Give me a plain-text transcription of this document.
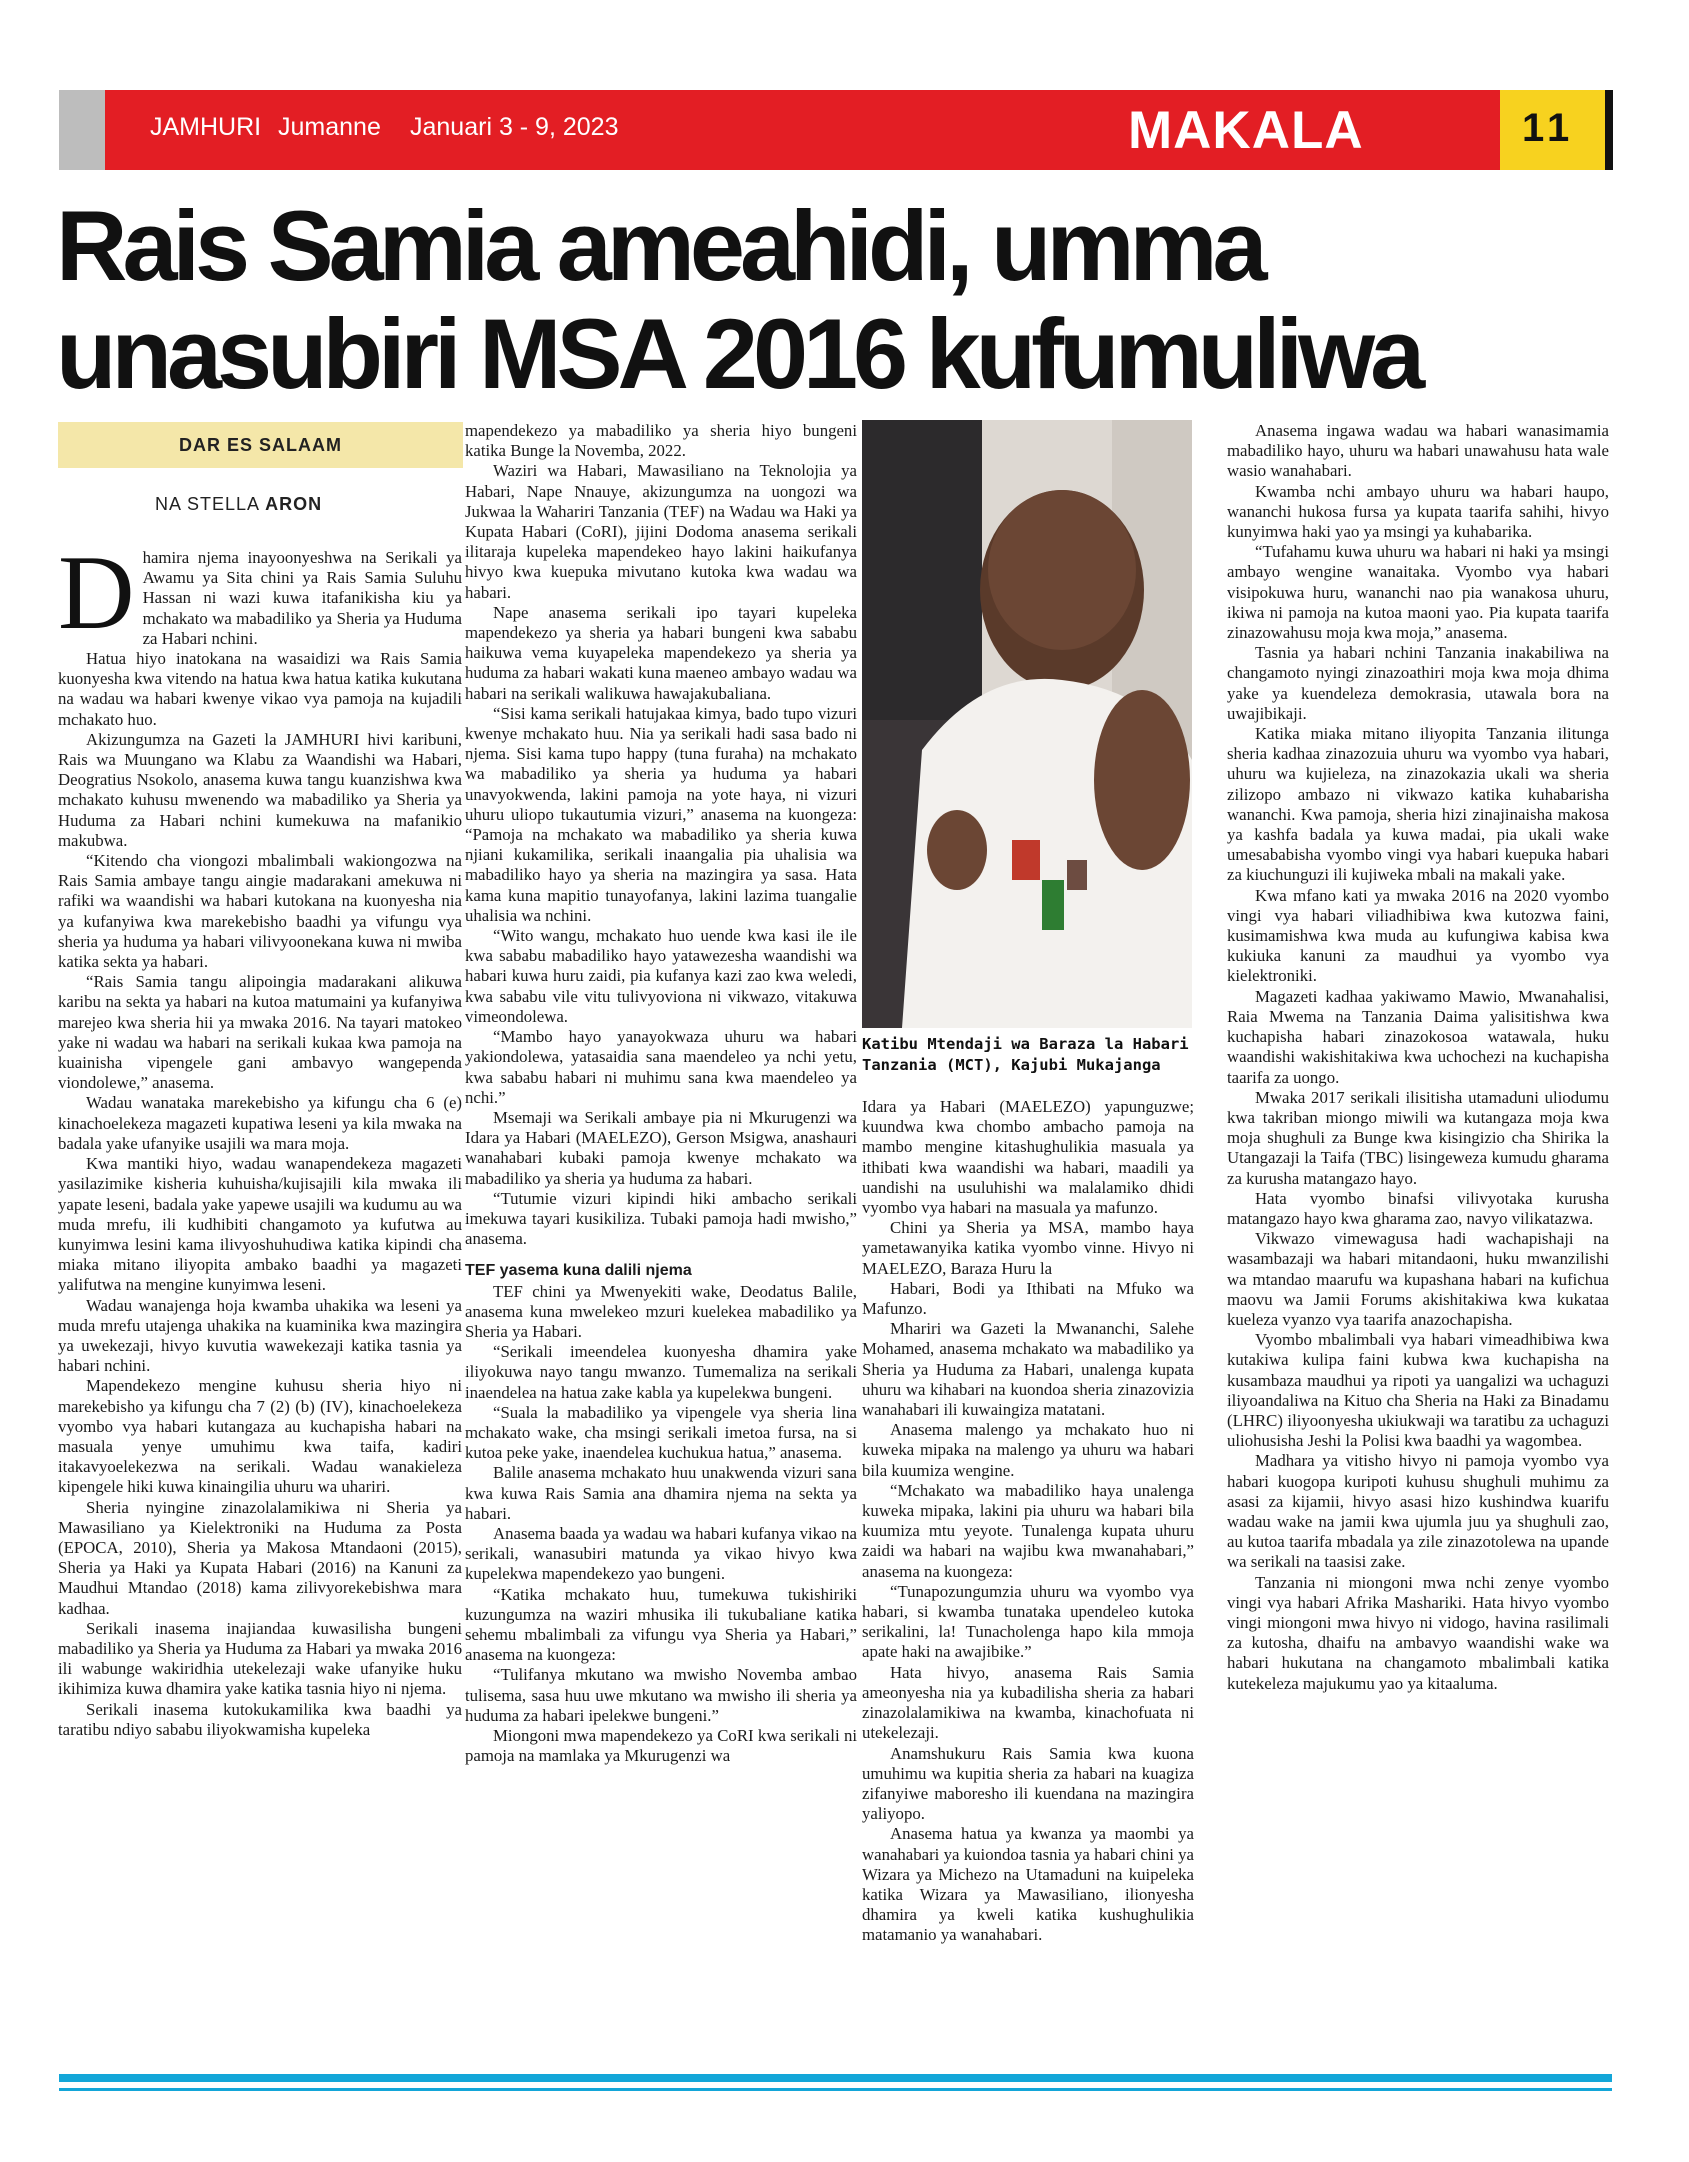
JAMHURI Jumanne Januari 3 - 9, 2023	MAKALA	11
Rais Samia ameahidi, umma
unasubiri MSA 2016 kufumuliwa
DAR ES SALAAM
NA STELLA ARON
D hamira njema inayoonyeshwa na Serikali ya Awamu ya Sita chini ya Rais Samia Suluhu Hassan ni wazi kuwa itafanikisha kiu ya mchakato wa mabadiliko ya Sheria ya Huduma za Habari nchini.

Hatua hiyo inatokana na wasaidizi wa Rais Samia kuonyesha kwa vitendo na hatua kwa hatua katika kukutana na wadau wa habari kwenye vikao vya pamoja na kujadili mchakato huo.

Akizungumza na Gazeti la JAMHURI hivi karibuni, Rais wa Muungano wa Klabu za Waandishi wa Habari, Deogratius Nsokolo, anasema kuwa tangu kuanzishwa kwa mchakato kuhusu mwenendo wa mabadiliko ya Sheria ya Huduma za Habari nchini kumekuwa na mafanikio makubwa.

“Kitendo cha viongozi mbalimbali wakiongozwa na Rais Samia ambaye tangu aingie madarakani amekuwa ni rafiki wa waandishi wa habari kutokana na kuonyesha nia ya kufanyiwa kwa marekebisho baadhi ya vifungu vya sheria ya huduma ya habari vilivyoonekana kuwa ni mwiba katika sekta ya habari.

“Rais Samia tangu alipoingia madarakani alikuwa karibu na sekta ya habari na kutoa matumaini ya kufanyiwa marejeo kwa sheria hii ya mwaka 2016. Na tayari matokeo yake ni wadau wa habari na serikali kukaa kwa pamoja na kuainisha vipengele gani ambavyo wangependa viondolewe,” anasema.

Wadau wanataka marekebisho ya kifungu cha 6 (e) kinachoelekeza magazeti kupatiwa leseni ya kila mwaka na badala yake ufanyike usajili wa mara moja.

Kwa mantiki hiyo, wadau wanapendekeza magazeti yasilazimike kisheria kuhuisha/kujisajili kila mwaka ili yapate leseni, badala yake yapewe usajili wa kudumu au wa muda mrefu, ili kudhibiti changamoto ya kufutwa au kunyimwa lesini kama ilivyoshuhudiwa katika kipindi cha miaka mitano iliyopita ambako baadhi ya magazeti yalifutwa na mengine kunyimwa leseni.

Wadau wanajenga hoja kwamba uhakika wa leseni ya muda mrefu utajenga uhakika na kuaminika kwa mazingira ya uwekezaji, hivyo kuvutia wawekezaji katika tasnia ya habari nchini.

Mapendekezo mengine kuhusu sheria hiyo ni marekebisho ya kifungu cha 7 (2) (b) (IV), kinachoelekeza vyombo vya habari kutangaza au kuchapisha habari na masuala yenye umuhimu kwa taifa, kadiri itakavyoelekezwa na serikali. Wadau wanakieleza kipengele hiki kuwa kinaingilia uhuru wa uhariri.

Sheria nyingine zinazolalamikiwa ni Sheria ya Mawasiliano ya Kielektroniki na Huduma za Posta (EPOCA, 2010), Sheria ya Makosa Mtandaoni (2015), Sheria ya Haki ya Kupata Habari (2016) na Kanuni za Maudhui Mtandao (2018) kama zilivyorekebishwa mara kadhaa.

Serikali inasema inajiandaa kuwasilisha bungeni mabadiliko ya Sheria ya Huduma za Habari ya mwaka 2016 ili wabunge wakiridhia utekelezaji wake ufanyike huku ikihimiza kuwa dhamira yake katika tasnia hiyo ni njema.

Serikali inasema kutokukamilika kwa baadhi ya taratibu ndiyo sababu iliyokwamisha kupeleka

mapendekezo ya mabadiliko ya sheria hiyo bungeni katika Bunge la Novemba, 2022.

Waziri wa Habari, Mawasiliano na Teknolojia ya Habari, Nape Nnauye, akizungumza na uongozi wa Jukwaa la Wahariri Tanzania (TEF) na Wadau wa Haki ya Kupata Habari (CoRI), jijini Dodoma anasema serikali ilitaraja kupeleka mapendekeo hayo lakini haikufanya hivyo kwa kuepuka mivutano kutoka kwa wadau wa habari.

Nape anasema serikali ipo tayari kupeleka mapendekezo ya sheria ya habari bungeni kwa sababu haikuwa vema kuyapeleka mapendekezo ya sheria ya huduma za habari wakati kuna maeneo ambayo wadau wa habari na serikali walikuwa hawajakubaliana.

“Sisi kama serikali hatujakaa kimya, bado tupo vizuri kwenye mchakato huu. Nia ya serikali hadi sasa bado ni njema. Sisi kama tupo happy (tuna furaha) na mchakato wa mabadiliko ya sheria ya huduma ya habari unavyokwenda, lakini pamoja na yote haya, ni vizuri uhuru uliopo tukautumia vizuri,” anasema na kuongeza: “Pamoja na mchakato wa mabadiliko ya sheria kuwa njiani kukamilika, serikali inaangalia pia uhalisia wa mabadiliko hayo ya sheria na mazingira ya sasa. Hata kama kuna mapitio tunayofanya, lakini lazima tuangalie uhalisia wa nchini.

“Wito wangu, mchakato huo uende kwa kasi ile ile kwa sababu mabadiliko hayo yatawezesha waandishi wa habari kuwa huru zaidi, pia kufanya kazi zao kwa weledi, kwa sababu vile vitu tulivyoviona ni vikwazo, vitakuwa vimeondolewa.

“Mambo hayo yanayokwaza uhuru wa habari yakiondolewa, yatasaidia sana maendeleo ya nchi yetu, kwa sababu habari ni muhimu sana kwa maendeleo ya nchi.”

Msemaji wa Serikali ambaye pia ni Mkurugenzi wa Idara ya Habari (MAELEZO), Gerson Msigwa, anashauri wanahabari kubaki pamoja kwenye mchakato wa mabadiliko ya sheria ya huduma za habari.

“Tutumie vizuri kipindi hiki ambacho serikali imekuwa tayari kusikiliza. Tubaki pamoja hadi mwisho,” anasema.

TEF yasema kuna dalili njema

TEF chini ya Mwenyekiti wake, Deodatus Balile, anasema kuna mwelekeo mzuri kuelekea mabadiliko ya Sheria ya Habari.

“Serikali imeendelea kuonyesha dhamira yake iliyokuwa nayo tangu mwanzo. Tumemaliza na serikali inaendelea na hatua zake kabla ya kupelekwa bungeni.

“Suala la mabadiliko ya vipengele vya sheria lina mchakato wake, cha msingi serikali imetoa fursa, na si kutoa peke yake, inaendelea kuchukua hatua,” anasema.

Balile anasema mchakato huu unakwenda vizuri sana kwa kuwa Rais Samia ana dhamira njema na sekta ya habari.

Anasema baada ya wadau wa habari kufanya vikao na serikali, wanasubiri matunda ya vikao hivyo kwa kupelekwa mapendekezo yao bungeni.

“Katika mchakato huu, tumekuwa tukishiriki kuzungumza na waziri mhusika ili tukubaliane katika sehemu mbalimbali za vifungu vya Sheria ya Habari,” anasema na kuongeza:

“Tulifanya mkutano wa mwisho Novemba ambao tulisema, sasa huu uwe mkutano wa mwisho ili sheria ya huduma za habari ipelekwe bungeni.”

Miongoni mwa mapendekezo ya CoRI kwa serikali ni pamoja na mamlaka ya Mkurugenzi wa

Katibu Mtendaji wa Baraza la Habari Tanzania (MCT), Kajubi Mukajanga

Idara ya Habari (MAELEZO) yapunguzwe; kuundwa kwa chombo ambacho pamoja na mambo mengine kitashughulikia masuala ya ithibati kwa waandishi wa habari, maadili ya uandishi na usuluhishi wa malalamiko dhidi vyombo vya habari na masuala ya mafunzo.

Chini ya Sheria ya MSA, mambo haya yametawanyika katika vyombo vinne. Hivyo ni MAELEZO, Baraza Huru la

Habari, Bodi ya Ithibati na Mfuko wa Mafunzo.

Mhariri wa Gazeti la Mwananchi, Salehe Mohamed, anasema mchakato wa mabadiliko ya Sheria ya Huduma za Habari, unalenga kupata uhuru wa kihabari na kuondoa sheria zinazovizia wanahabari ili kuwaingiza matatani.

Anasema malengo ya mchakato huo ni kuweka mipaka na malengo ya uhuru wa habari bila kuumiza wengine.

“Mchakato wa mabadiliko haya unalenga kuweka mipaka, lakini pia uhuru wa habari bila kuumiza mtu yeyote. Tunalenga kupata uhuru zaidi wa habari na wajibu kwa mwanahabari,” anasema na kuongeza:

“Tunapozungumzia uhuru wa vyombo vya habari, si kwamba tunataka upendeleo kutoka serikalini, la! Tunacholenga hapo kila mmoja apate haki na awajibike.”

Hata hivyo, anasema Rais Samia ameonyesha nia ya kubadilisha sheria za habari zinazolalamikiwa na kwamba, kinachofuata ni utekelezaji.

Anamshukuru Rais Samia kwa kuona umuhimu wa kupitia sheria za habari na kuagiza zifanyiwe maboresho ili kuendana na mazingira yaliyopo.

Anasema hatua ya kwanza ya maombi ya wanahabari ya kuiondoa tasnia ya habari chini ya Wizara ya Michezo na Utamaduni na kuipeleka katika Wizara ya Mawasiliano, ilionyesha dhamira ya kweli katika kushughulikia matamanio ya wanahabari.

Anasema ingawa wadau wa habari wanasimamia mabadiliko hayo, uhuru wa habari unawahusu hata wale wasio wanahabari.

Kwamba nchi ambayo uhuru wa habari haupo, wananchi hukosa fursa ya kupata taarifa sahihi, hivyo kunyimwa haki yao ya msingi ya kuhabarika.

“Tufahamu kuwa uhuru wa habari ni haki ya msingi ambayo wengine wanaitaka. Vyombo vya habari visipokuwa huru, wananchi nao pia wanakosa uhuru, ikiwa ni pamoja na kutoa maoni yao. Pia kupata taarifa zinazowahusu moja kwa moja,” anasema.

Tasnia ya habari nchini Tanzania inakabiliwa na changamoto nyingi zinazoathiri moja kwa moja dhima yake ya kuendeleza demokrasia, utawala bora na uwajibikaji.

Katika miaka mitano iliyopita Tanzania ilitunga sheria kadhaa zinazozuia uhuru wa vyombo vya habari, uhuru wa kujieleza, na zinazokazia ukali wa sheria zilizopo ambazo ni vikwazo katika kuhabarisha wananchi. Kwa pamoja, sheria hizi zinajinaisha makosa ya kashfa badala ya kuwa madai, pia ukali wake umesababisha vyombo vingi vya habari kuepuka habari za kiuchunguzi ili kujiweka mbali na makali yake.

Kwa mfano kati ya mwaka 2016 na 2020 vyombo vingi vya habari viliadhibiwa kwa kutozwa faini, kusimamishwa kwa muda au kufungiwa kabisa kwa kukiuka kanuni za maudhui ya vyombo vya kielektroniki.

Magazeti kadhaa yakiwamo Mawio, Mwanahalisi, Raia Mwema na Tanzania Daima yalisitishwa kwa kuchapisha habari zinazokosoa watawala, huku waandishi wakishitakiwa kwa uchochezi na kuchapisha taarifa za uongo.

Mwaka 2017 serikali ilisitisha utamaduni uliodumu kwa takriban miongo miwili wa kutangaza moja kwa moja shughuli za Bunge kwa kisingizio cha Shirika la Utangazaji la Taifa (TBC) lisingeweza kumudu gharama za kurusha matangazo hayo.

Hata vyombo binafsi vilivyotaka kurusha matangazo hayo kwa gharama zao, navyo vilikatazwa.

Vikwazo vimewagusa hadi wachapishaji na wasambazaji wa habari mitandaoni, huku mwanzilishi wa mtandao maarufu wa kupashana habari na kufichua maovu wa Jamii Forums akishitakiwa kwa kukataa kueleza vyanzo vya taarifa anazochapisha.

Vyombo mbalimbali vya habari vimeadhibiwa kwa kutakiwa kulipa faini kubwa kwa kuchapisha na kusambaza maudhui ya ripoti ya uangalizi wa uchaguzi iliyoandaliwa na Kituo cha Sheria na Haki za Binadamu (LHRC) iliyoonyesha ukiukwaji wa taratibu za uchaguzi uliohusisha Jeshi la Polisi kwa baadhi ya wagombea.

Madhara ya vitisho hivyo ni pamoja vyombo vya habari kuogopa kuripoti kuhusu shughuli muhimu za asasi za kijamii, hivyo asasi hizo kushindwa kuarifu wadau wake na jamii kwa ujumla juu ya shughuli zao, au kutoa taarifa mbadala ya zile zinazotolewa na upande wa serikali na taasisi zake.

Tanzania ni miongoni mwa nchi zenye vyombo vingi vya habari Afrika Mashariki. Hata hivyo vyombo vingi miongoni mwa hivyo ni vidogo, havina rasilimali za kutosha, dhaifu na ambavyo waandishi wake wa habari hukutana na changamoto mbalimbali katika kutekeleza majukumu yao ya kitaaluma.
